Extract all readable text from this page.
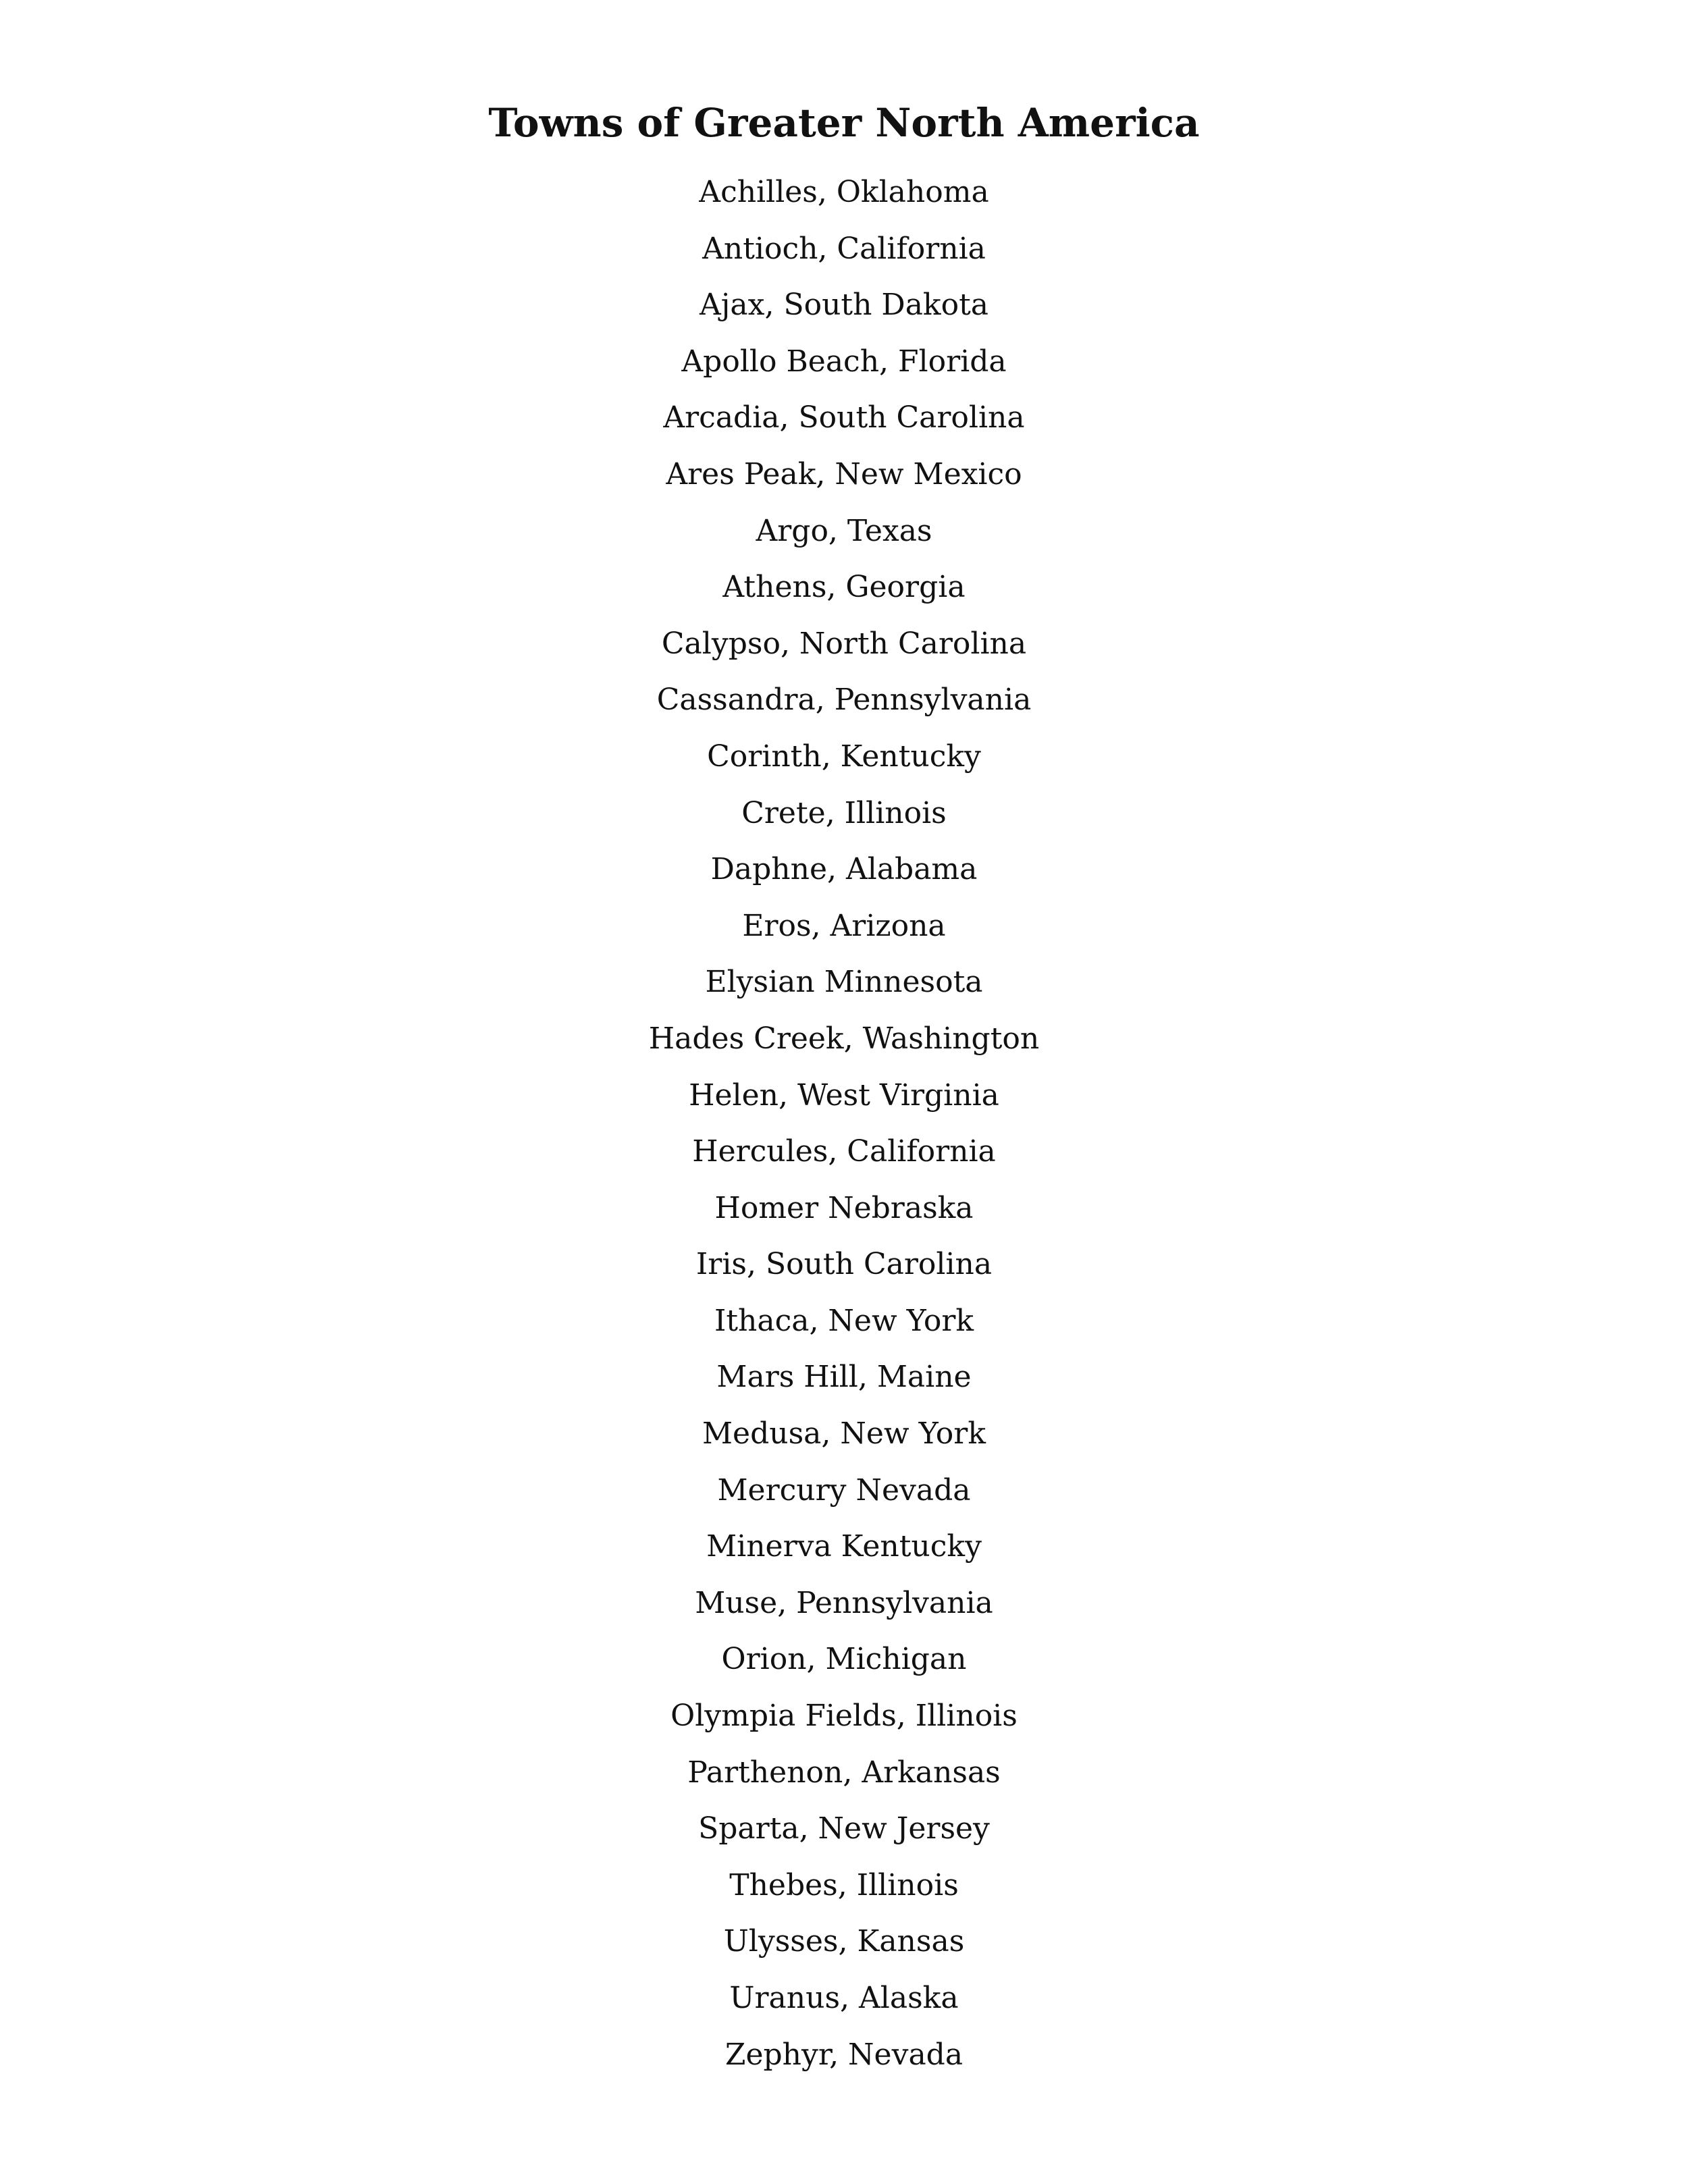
Towns of Greater North America
Achilles, Oklahoma
Antioch, California
Ajax, South Dakota
Apollo Beach, Florida
Arcadia, South Carolina
Ares Peak, New Mexico
Argo, Texas
Athens, Georgia
Calypso, North Carolina
Cassandra, Pennsylvania
Corinth, Kentucky
Crete, Illinois
Daphne, Alabama
Eros, Arizona
Elysian Minnesota
Hades Creek, Washington
Helen, West Virginia
Hercules, California
Homer Nebraska
Iris, South Carolina
Ithaca, New York
Mars Hill, Maine
Medusa, New York
Mercury Nevada
Minerva Kentucky
Muse, Pennsylvania
Orion, Michigan
Olympia Fields, Illinois
Parthenon, Arkansas
Sparta, New Jersey
Thebes, Illinois
Ulysses, Kansas
Uranus, Alaska
Zephyr, Nevada
